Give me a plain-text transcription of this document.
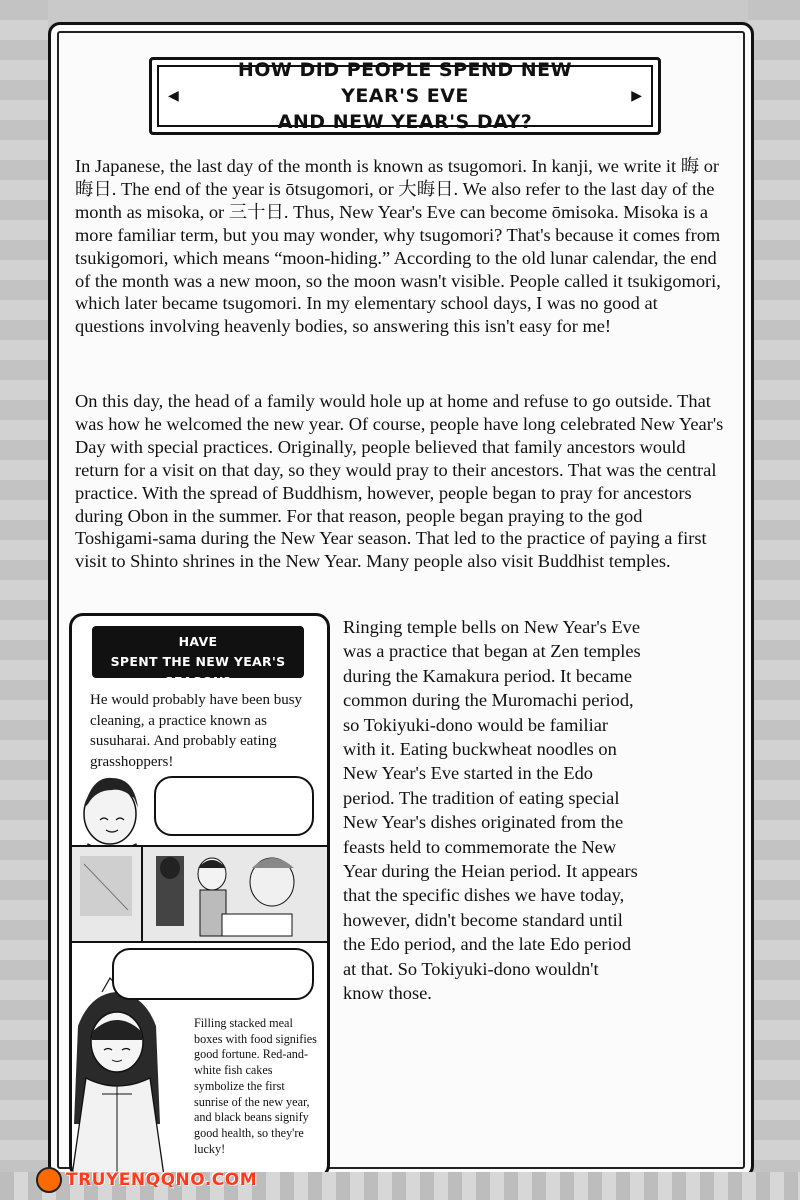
◀
HOW DID PEOPLE SPEND NEW YEAR'S EVE
AND NEW YEAR'S DAY?
▶

In Japanese, the last day of the month is known as tsugomori. In kanji, we write it 晦 or 晦日. The end of the year is ōtsugomori, or 大晦日. We also refer to the last day of the month as misoka, or 三十日. Thus, New Year's Eve can become ōmisoka. Misoka is a more familiar term, but you may wonder, why tsugomori? That's because it comes from tsukigomori, which means “moon-hiding.” According to the old lunar calendar, the end of the month was a new moon, so the moon wasn't visible. People called it tsukigomori, which later became tsugomori. In my elementary school days, I was no good at questions involving heavenly bodies, so answering this isn't easy for me!

On this day, the head of a family would hole up at home and refuse to go outside. That was how he welcomed the new year. Of course, people have long celebrated New Year's Day with special practices. Originally, people believed that family ancestors would return for a visit on that day, so they would pray to their ancestors. That was the central practice. With the spread of Buddhism, however, people began to pray for ancestors during Obon in the summer. For that reason, people began praying to the god Toshigami-sama during the New Year season. That led to the practice of paying a first visit to Shinto shrines in the New Year. Many people also visit Buddhist temples.

HOW WOULD TOKIYUKI HAVE
SPENT THE NEW YEAR'S SEASON?

He would probably have been busy cleaning, a practice known as susuharai. And probably eating grasshoppers!

Filling stacked meal boxes with food signifies good fortune. Red-and-white fish cakes symbolize the first sunrise of the new year, and black beans signify good health, so they're lucky!

Ringing temple bells on New Year's Eve was a practice that began at Zen temples during the Kamakura period. It became common during the Muromachi period, so Tokiyuki-dono would be familiar with it. Eating buckwheat noodles on New Year's Eve started in the Edo period. The tradition of eating special New Year's dishes originated from the feasts held to commemorate the New Year during the Heian period. It appears that the specific dishes we have today, however, didn't become standard until the Edo period, and the late Edo period at that. So Tokiyuki-dono wouldn't know those.

TRUYENQQNO.COM
